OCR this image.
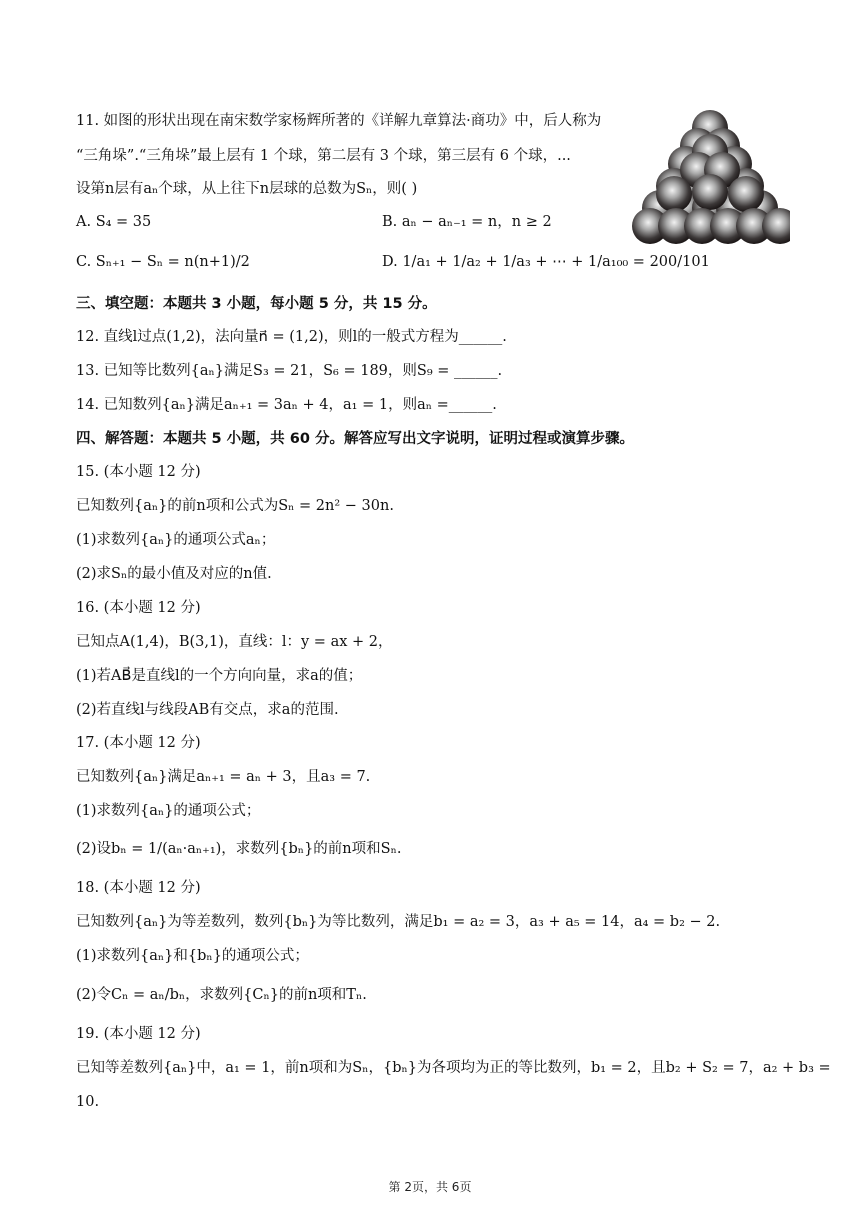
11. 如图的形状出现在南宋数学家杨辉所著的《详解九章算法·商功》中，后人称为
“三角垛”.“三角垛”最上层有 1 个球，第二层有 3 个球，第三层有 6 个球，...
设第n层有aₙ个球，从上往下n层球的总数为Sₙ，则( )
A. S₄ = 35	B. aₙ − aₙ₋₁ = n，n ≥ 2
C. Sₙ₊₁ − Sₙ = n(n+1)/2	D. 1/a₁ + 1/a₂ + 1/a₃ + ⋯ + 1/a₁₀₀ = 200/101
三、填空题：本题共 3 小题，每小题 5 分，共 15 分。
12. 直线l过点(1,2)，法向量n⃗ = (1,2)，则l的一般式方程为______.
13. 已知等比数列{aₙ}满足S₃ = 21，S₆ = 189，则S₉ = ______.
14. 已知数列{aₙ}满足aₙ₊₁ = 3aₙ + 4，a₁ = 1，则aₙ =______.
四、解答题：本题共 5 小题，共 60 分。解答应写出文字说明，证明过程或演算步骤。
15. (本小题 12 分)
已知数列{aₙ}的前n项和公式为Sₙ = 2n² − 30n.
(1)求数列{aₙ}的通项公式aₙ；
(2)求Sₙ的最小值及对应的n值.
16. (本小题 12 分)
已知点A(1,4)，B(3,1)，直线：l：y = ax + 2，
(1)若AB⃗是直线l的一个方向向量，求a的值；
(2)若直线l与线段AB有交点，求a的范围.
17. (本小题 12 分)
已知数列{aₙ}满足aₙ₊₁ = aₙ + 3，且a₃ = 7.
(1)求数列{aₙ}的通项公式；
(2)设bₙ = 1/(aₙ·aₙ₊₁)，求数列{bₙ}的前n项和Sₙ.
18. (本小题 12 分)
已知数列{aₙ}为等差数列，数列{bₙ}为等比数列，满足b₁ = a₂ = 3，a₃ + a₅ = 14，a₄ = b₂ − 2.
(1)求数列{aₙ}和{bₙ}的通项公式；
(2)令Cₙ = aₙ/bₙ，求数列{Cₙ}的前n项和Tₙ.
19. (本小题 12 分)
已知等差数列{aₙ}中，a₁ = 1，前n项和为Sₙ，{bₙ}为各项均为正的等比数列，b₁ = 2，且b₂ + S₂ = 7，a₂ + b₃ =
10.
第 2页，共 6页
